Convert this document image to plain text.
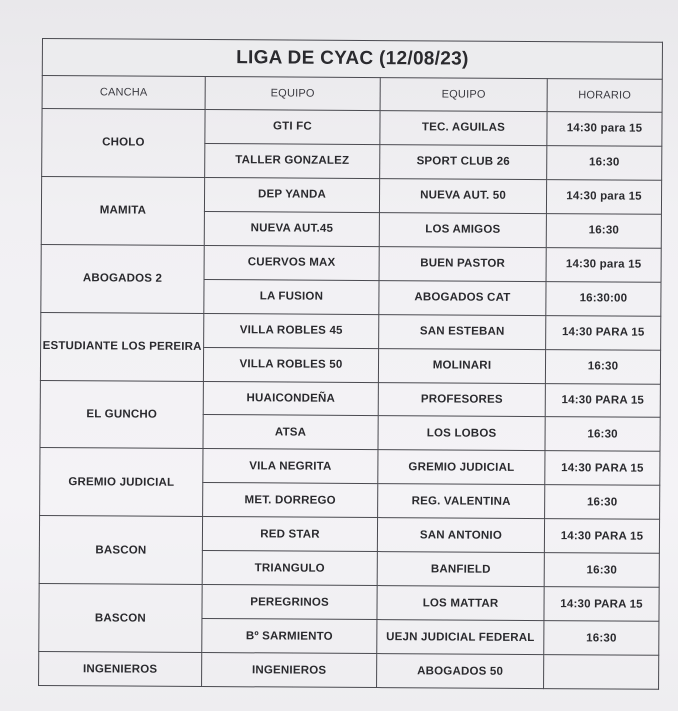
LIGA DE CYAC (12/08/23)			
CANCHA	EQUIPO	EQUIPO	HORARIO
CHOLO	GTI FC	TEC. AGUILAS	14:30 para 15
	TALLER GONZALEZ	SPORT CLUB 26	16:30
MAMITA	DEP YANDA	NUEVA AUT. 50	14:30 para 15
	NUEVA AUT.45	LOS AMIGOS	16:30
ABOGADOS 2	CUERVOS MAX	BUEN PASTOR	14:30 para 15
	LA FUSION	ABOGADOS CAT	16:30:00
ESTUDIANTE LOS PEREIRA	VILLA ROBLES 45	SAN ESTEBAN	14:30 PARA 15
	VILLA ROBLES 50	MOLINARI	16:30
EL GUNCHO	HUAICONDEÑA	PROFESORES	14:30 PARA 15
	ATSA	LOS LOBOS	16:30
GREMIO JUDICIAL	VILA NEGRITA	GREMIO JUDICIAL	14:30 PARA 15
	MET. DORREGO	REG. VALENTINA	16:30
BASCON	RED STAR	SAN ANTONIO	14:30 PARA 15
	TRIANGULO	BANFIELD	16:30
BASCON	PEREGRINOS	LOS MATTAR	14:30 PARA 15
	Bº SARMIENTO	UEJN JUDICIAL FEDERAL	16:30
INGENIEROS	INGENIEROS	ABOGADOS 50	
